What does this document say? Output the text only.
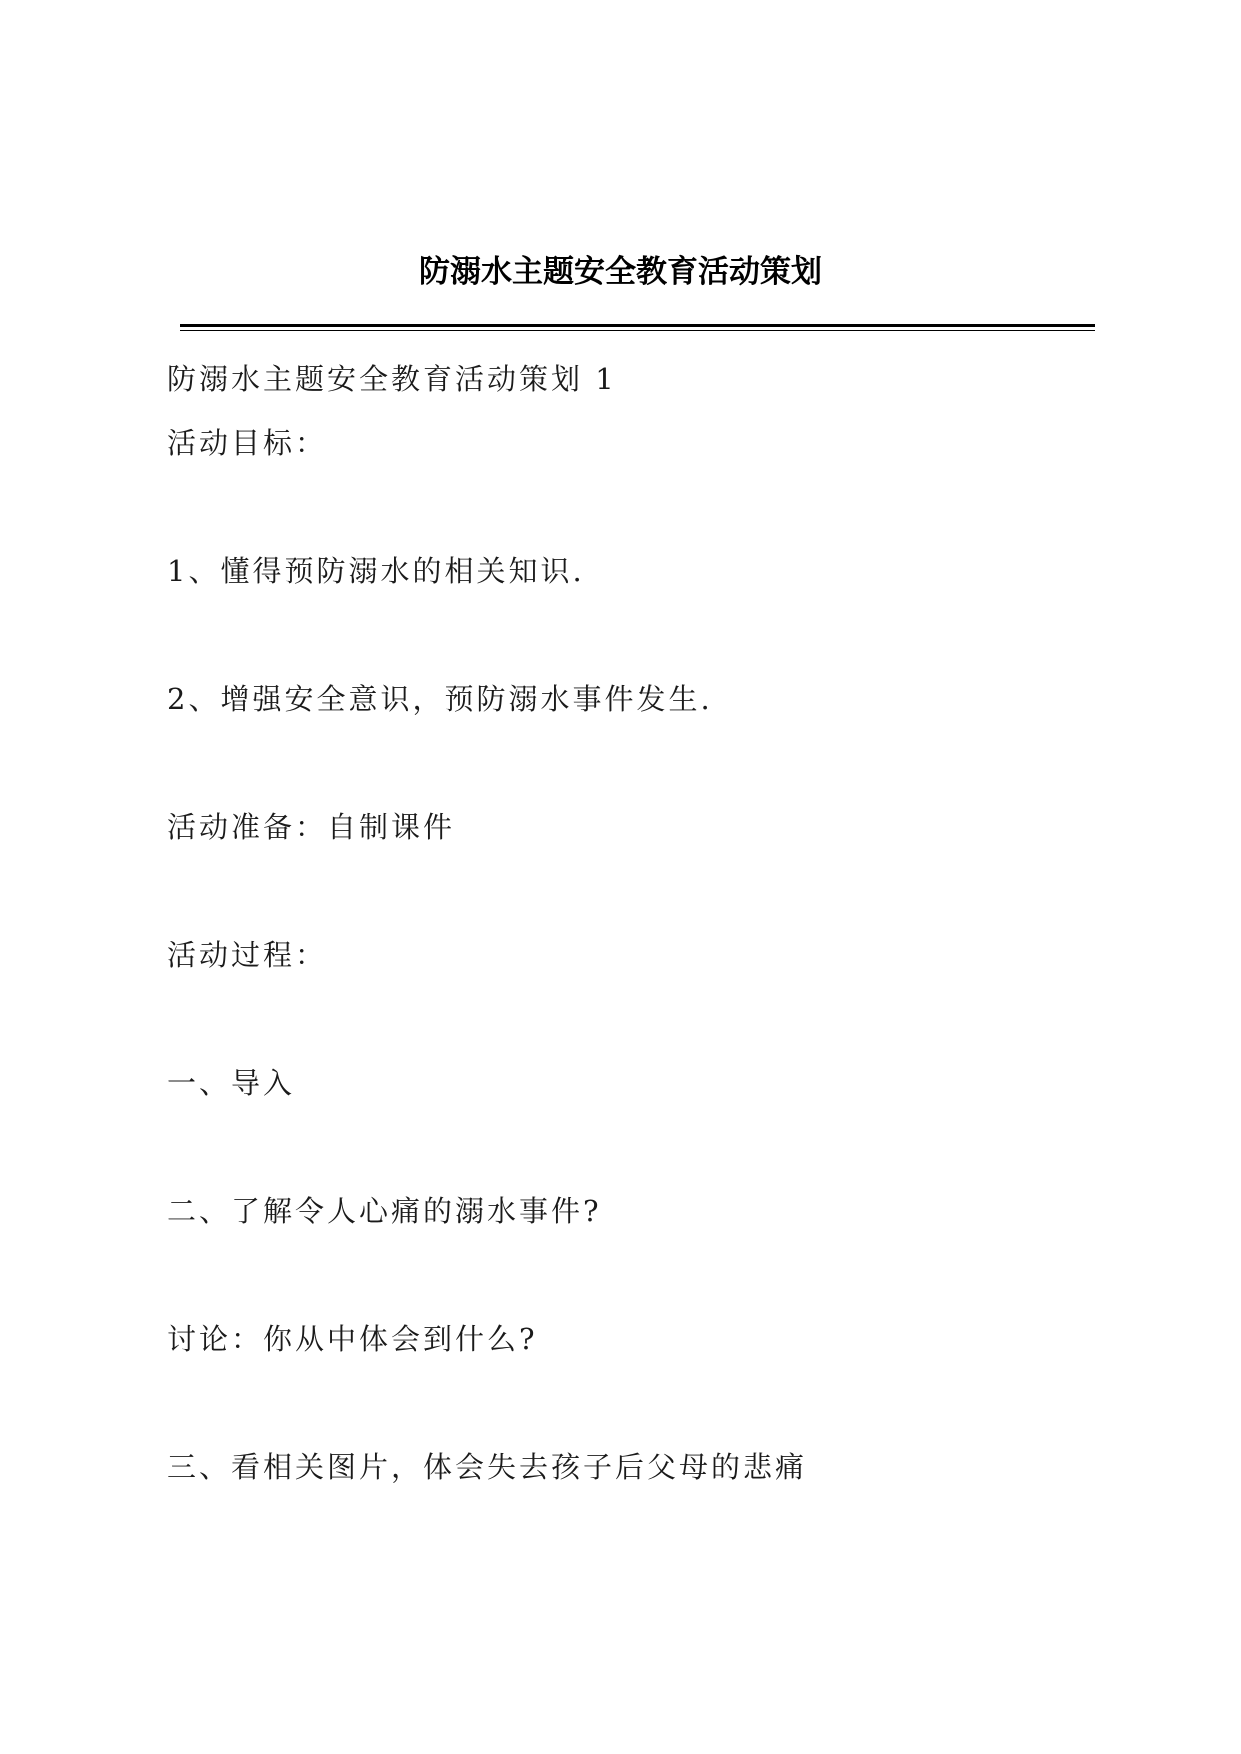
防溺水主题安全教育活动策划
防溺水主题安全教育活动策划 1
活动目标：
1、懂得预防溺水的相关知识.
2、增强安全意识，预防溺水事件发生.
活动准备：自制课件
活动过程：
一、导入
二、了解令人心痛的溺水事件?
讨论：你从中体会到什么?
三、看相关图片，体会失去孩子后父母的悲痛
